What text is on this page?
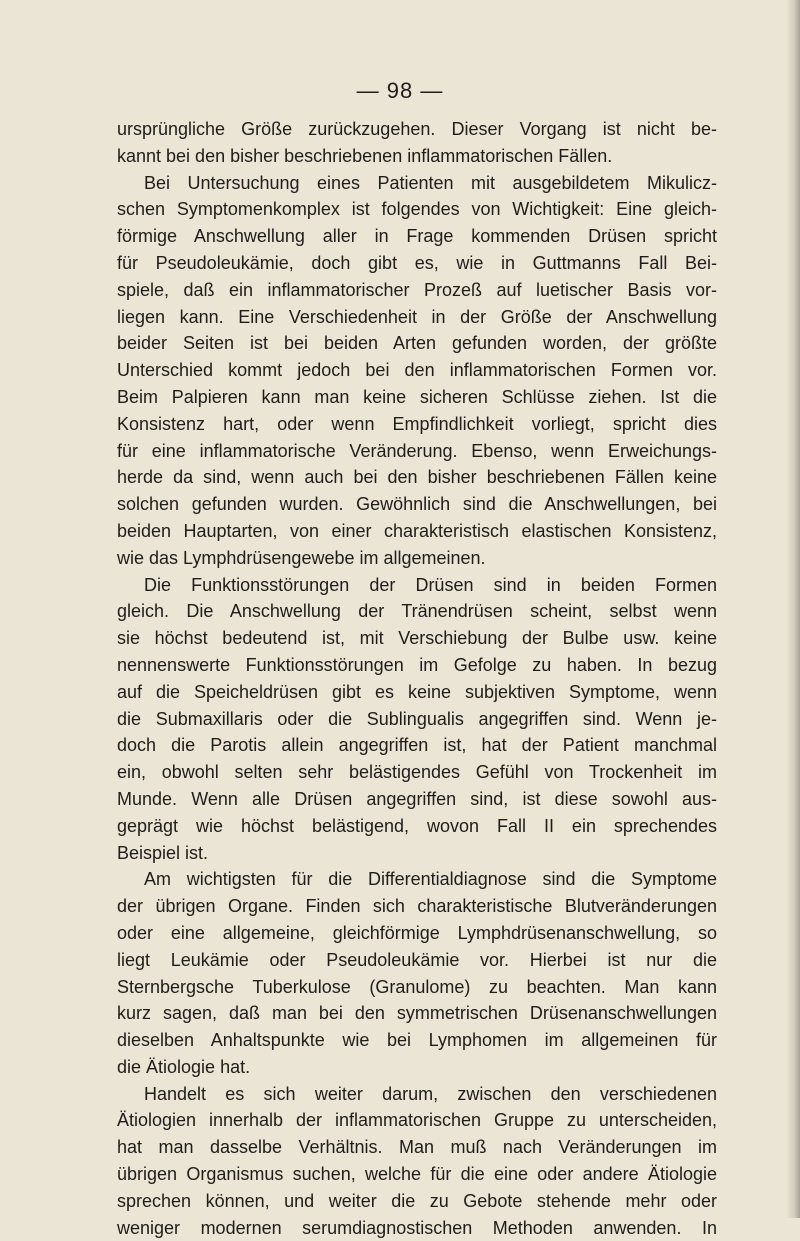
— 98 —
ursprüngliche Größe zurückzugehen. Dieser Vorgang ist nicht be-
kannt bei den bisher beschriebenen inflammatorischen Fällen.
Bei Untersuchung eines Patienten mit ausgebildetem Mikulicz-
schen Symptomenkomplex ist folgendes von Wichtigkeit: Eine gleich-
förmige Anschwellung aller in Frage kommenden Drüsen spricht
für Pseudoleukämie, doch gibt es, wie in Guttmanns Fall Bei-
spiele, daß ein inflammatorischer Prozeß auf luetischer Basis vor-
liegen kann. Eine Verschiedenheit in der Größe der Anschwellung
beider Seiten ist bei beiden Arten gefunden worden, der größte
Unterschied kommt jedoch bei den inflammatorischen Formen vor.
Beim Palpieren kann man keine sicheren Schlüsse ziehen. Ist die
Konsistenz hart, oder wenn Empfindlichkeit vorliegt, spricht dies
für eine inflammatorische Veränderung. Ebenso, wenn Erweichungs-
herde da sind, wenn auch bei den bisher beschriebenen Fällen keine
solchen gefunden wurden. Gewöhnlich sind die Anschwellungen, bei
beiden Hauptarten, von einer charakteristisch elastischen Konsistenz,
wie das Lymphdrüsengewebe im allgemeinen.
Die Funktionsstörungen der Drüsen sind in beiden Formen
gleich. Die Anschwellung der Tränendrüsen scheint, selbst wenn
sie höchst bedeutend ist, mit Verschiebung der Bulbe usw. keine
nennenswerte Funktionsstörungen im Gefolge zu haben. In bezug
auf die Speicheldrüsen gibt es keine subjektiven Symptome, wenn
die Submaxillaris oder die Sublingualis angegriffen sind. Wenn je-
doch die Parotis allein angegriffen ist, hat der Patient manchmal
ein, obwohl selten sehr belästigendes Gefühl von Trockenheit im
Munde. Wenn alle Drüsen angegriffen sind, ist diese sowohl aus-
geprägt wie höchst belästigend, wovon Fall II ein sprechendes
Beispiel ist.
Am wichtigsten für die Differentialdiagnose sind die Symptome
der übrigen Organe. Finden sich charakteristische Blutveränderungen
oder eine allgemeine, gleichförmige Lymphdrüsenanschwellung, so
liegt Leukämie oder Pseudoleukämie vor. Hierbei ist nur die
Sternbergsche Tuberkulose (Granulome) zu beachten. Man kann
kurz sagen, daß man bei den symmetrischen Drüsenanschwellungen
dieselben Anhaltspunkte wie bei Lymphomen im allgemeinen für
die Ätiologie hat.
Handelt es sich weiter darum, zwischen den verschiedenen
Ätiologien innerhalb der inflammatorischen Gruppe zu unterscheiden,
hat man dasselbe Verhältnis. Man muß nach Veränderungen im
übrigen Organismus suchen, welche für die eine oder andere Ätiologie
sprechen können, und weiter die zu Gebote stehende mehr oder
weniger modernen serumdiagnostischen Methoden anwenden. In
